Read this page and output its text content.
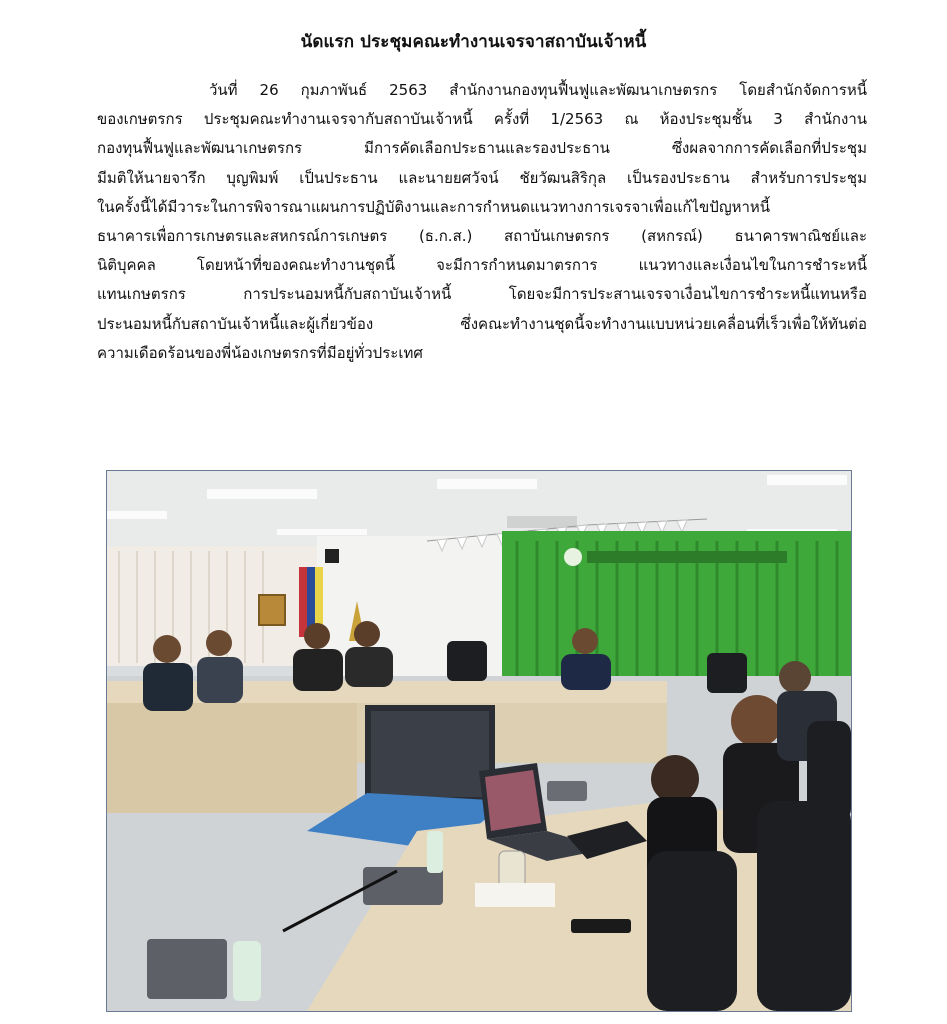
นัดแรก ประชุมคณะทำงานเจรจาสถาบันเจ้าหนี้
วันที่ 26 กุมภาพันธ์ 2563 สำนักงานกองทุนฟื้นฟูและพัฒนาเกษตรกร โดยสำนักจัดการหนี้
ของเกษตรกร ประชุมคณะทำงานเจรจากับสถาบันเจ้าหนี้ ครั้งที่ 1/2563 ณ ห้องประชุมชั้น 3 สำนักงาน
กองทุนฟื้นฟูและพัฒนาเกษตรกร มีการคัดเลือกประธานและรองประธาน ซึ่งผลจากการคัดเลือกที่ประชุม
มีมติให้นายจารึก บุญพิมพ์ เป็นประธาน และนายยศวัจน์ ชัยวัฒนสิริกุล เป็นรองประธาน สำหรับการประชุม
ในครั้งนี้ได้มีวาระในการพิจารณาแผนการปฏิบัติงานและการกำหนดแนวทางการเจรจาเพื่อแก้ไขปัญหาหนี้
ธนาคารเพื่อการเกษตรและสหกรณ์การเกษตร (ธ.ก.ส.) สถาบันเกษตรกร (สหกรณ์) ธนาคารพาณิชย์และ
นิติบุคคล โดยหน้าที่ของคณะทำงานชุดนี้ จะมีการกำหนดมาตรการ แนวทางและเงื่อนไขในการชำระหนี้
แทนเกษตรกร การประนอมหนี้กับสถาบันเจ้าหนี้ โดยจะมีการประสานเจรจาเงื่อนไขการชำระหนี้แทนหรือ
ประนอมหนี้กับสถาบันเจ้าหนี้และผู้เกี่ยวข้อง ซึ่งคณะทำงานชุดนี้จะทำงานแบบหน่วยเคลื่อนที่เร็วเพื่อให้ทันต่อ
ความเดือดร้อนของพี่น้องเกษตรกรที่มีอยู่ทั่วประเทศ
